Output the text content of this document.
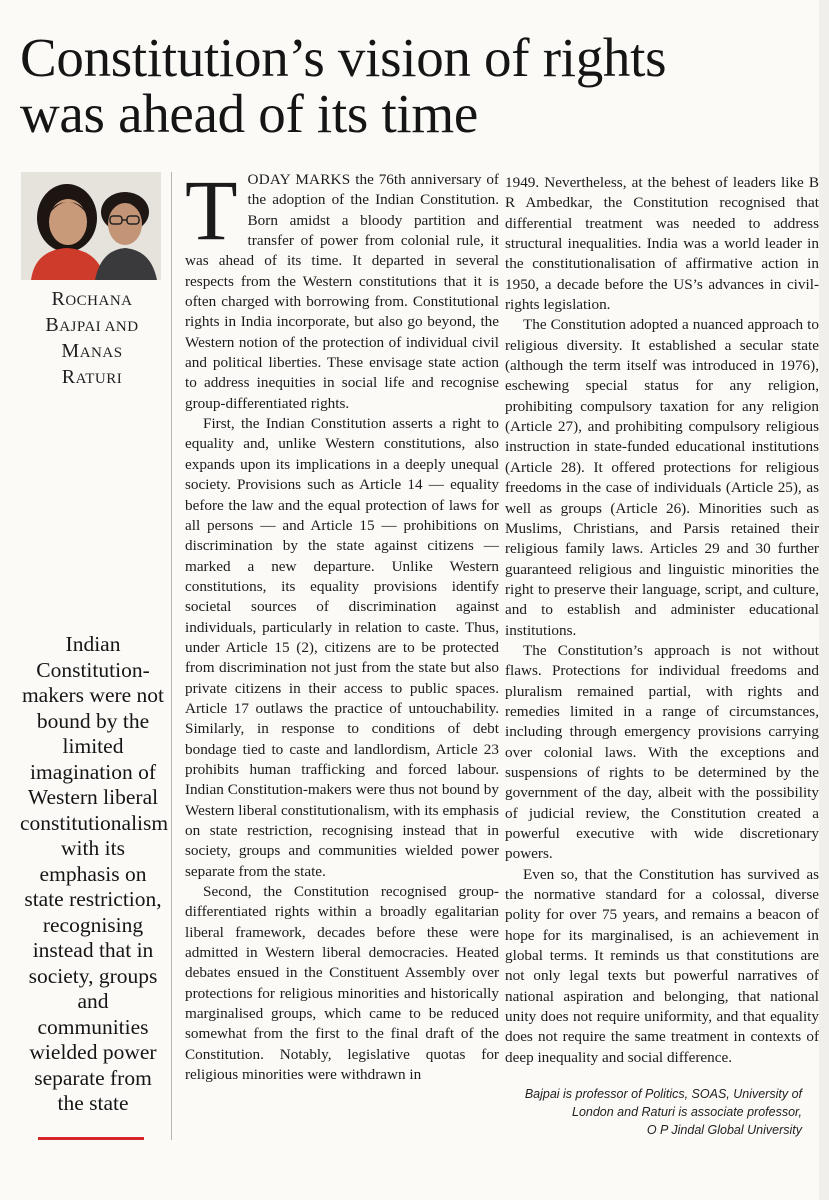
Constitution’s vision of rights
was ahead of its time
ROCHANA
BAJPAI AND
MANAS
RATURI
Indian Constitution-makers were not bound by the limited imagination of Western liberal constitutionalism with its emphasis on state restriction, recognising instead that in society, groups and communities wielded power separate from the state

TODAY MARKS the 76th anniversary of the adoption of the Indian Constitution. Born amidst a bloody partition and transfer of power from colonial rule, it was ahead of its time. It departed in several respects from the Western constitutions that it is often charged with borrowing from. Constitutional rights in India incorporate, but also go beyond, the Western notion of the protection of individual civil and political liberties. These envisage state action to address inequities in social life and recognise group-differentiated rights.

First, the Indian Constitution asserts a right to equality and, unlike Western constitutions, also expands upon its implications in a deeply unequal society. Provisions such as Article 14 — equality before the law and the equal protection of laws for all persons — and Article 15 — prohibitions on discrimination by the state against citizens — marked a new departure. Unlike Western constitutions, its equality provisions identify societal sources of discrimination against individuals, particularly in relation to caste. Thus, under Article 15 (2), citizens are to be protected from discrimination not just from the state but also private citizens in their access to public spaces. Article 17 outlaws the practice of untouchability. Similarly, in response to conditions of debt bondage tied to caste and landlordism, Article 23 prohibits human trafficking and forced labour. Indian Constitution-makers were thus not bound by Western liberal constitutionalism, with its emphasis on state restriction, recognising instead that in society, groups and communities wielded power separate from the state.

Second, the Constitution recognised group-differentiated rights within a broadly egalitarian liberal framework, decades before these were admitted in Western liberal democracies. Heated debates ensued in the Constituent Assembly over protections for religious minorities and historically marginalised groups, which came to be reduced somewhat from the first to the final draft of the Constitution. Notably, legislative quotas for religious minorities were withdrawn in

1949. Nevertheless, at the behest of leaders like B R Ambedkar, the Constitution recognised that differential treatment was needed to address structural inequalities. India was a world leader in the constitutionalisation of affirmative action in 1950, a decade before the US’s advances in civil-rights legislation.

The Constitution adopted a nuanced approach to religious diversity. It established a secular state (although the term itself was introduced in 1976), eschewing special status for any religion, prohibiting compulsory taxation for any religion (Article 27), and prohibiting compulsory religious instruction in state-funded educational institutions (Article 28). It offered protections for religious freedoms in the case of individuals (Article 25), as well as groups (Article 26). Minorities such as Muslims, Christians, and Parsis retained their religious family laws. Articles 29 and 30 further guaranteed religious and linguistic minorities the right to preserve their language, script, and culture, and to establish and administer educational institutions.

The Constitution’s approach is not without flaws. Protections for individual freedoms and pluralism remained partial, with rights and remedies limited in a range of circumstances, including through emergency provisions carrying over colonial laws. With the exceptions and suspensions of rights to be determined by the government of the day, albeit with the possibility of judicial review, the Constitution created a powerful executive with wide discretionary powers.

Even so, that the Constitution has survived as the normative standard for a colossal, diverse polity for over 75 years, and remains a beacon of hope for its marginalised, is an achievement in global terms. It reminds us that constitutions are not only legal texts but powerful narratives of national aspiration and belonging, that national unity does not require uniformity, and that equality does not require the same treatment in contexts of deep inequality and social difference.

Bajpai is professor of Politics, SOAS, University of
London and Raturi is associate professor,
O P Jindal Global University
